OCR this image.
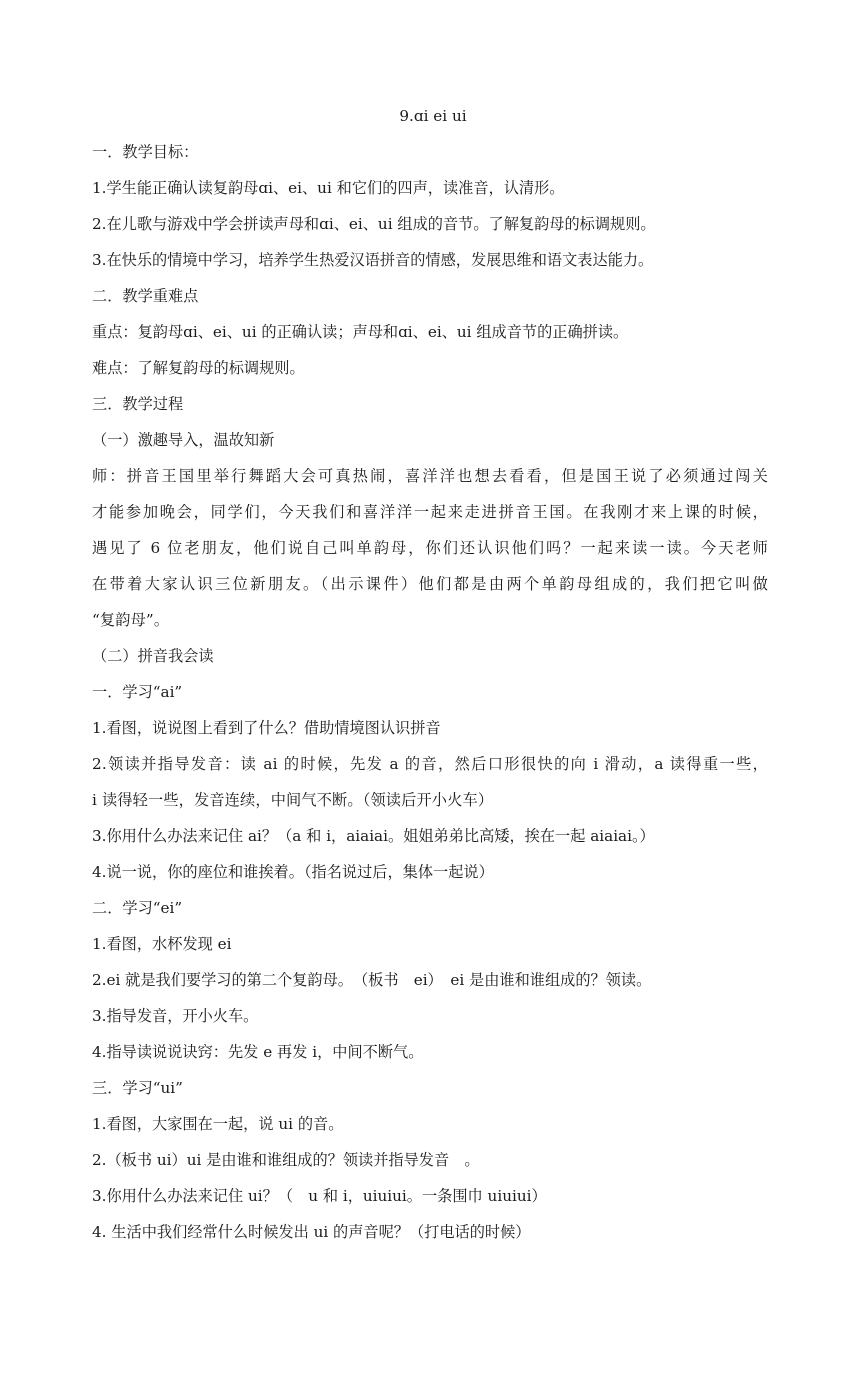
9.ɑi ei ui

一．教学目标：

1.学生能正确认读复韵母ɑi、ei、ui 和它们的四声，读准音，认清形。

2.在儿歌与游戏中学会拼读声母和ɑi、ei、ui 组成的音节。了解复韵母的标调规则。

3.在快乐的情境中学习，培养学生热爱汉语拼音的情感，发展思维和语文表达能力。

二．教学重难点

重点：复韵母ɑi、ei、ui 的正确认读；声母和ɑi、ei、ui 组成音节的正确拼读。

难点：了解复韵母的标调规则。

三．教学过程

（一）激趣导入，温故知新

师：拼音王国里举行舞蹈大会可真热闹，喜洋洋也想去看看，但是国王说了必须通过闯关
才能参加晚会，同学们，今天我们和喜洋洋一起来走进拼音王国。在我刚才来上课的时候，
遇见了 6 位老朋友，他们说自己叫单韵母，你们还认识他们吗？一起来读一读。今天老师
在带着大家认识三位新朋友。（出示课件）他们都是由两个单韵母组成的，我们把它叫做
“复韵母”。

（二）拼音我会读

一．学习“ai”

1.看图，说说图上看到了什么？借助情境图认识拼音

2.领读并指导发音：读 ai 的时候，先发 a 的音，然后口形很快的向 i 滑动，a 读得重一些，
i 读得轻一些，发音连续，中间气不断。（领读后开小火车）

3.你用什么办法来记住 ai？（a 和 i，aiaiai。姐姐弟弟比高矮，挨在一起 aiaiai。）

4.说一说，你的座位和谁挨着。（指名说过后，集体一起说）

二．学习“ei”

1.看图，水杯发现 ei

2.ei 就是我们要学习的第二个复韵母。　（板书　ei）　ei 是由谁和谁组成的？领读。

3.指导发音，开小火车。

4.指导读说说诀窍：先发 e 再发 i，中间不断气。

三．学习“ui”

1.看图，大家围在一起，说 ui 的音。

2.（板书 ui）ui 是由谁和谁组成的？领读并指导发音　。

3.你用什么办法来记住 ui？（　u 和 i，uiuiui。一条围巾 uiuiui）

4. 生活中我们经常什么时候发出 ui 的声音呢？（打电话的时候）
